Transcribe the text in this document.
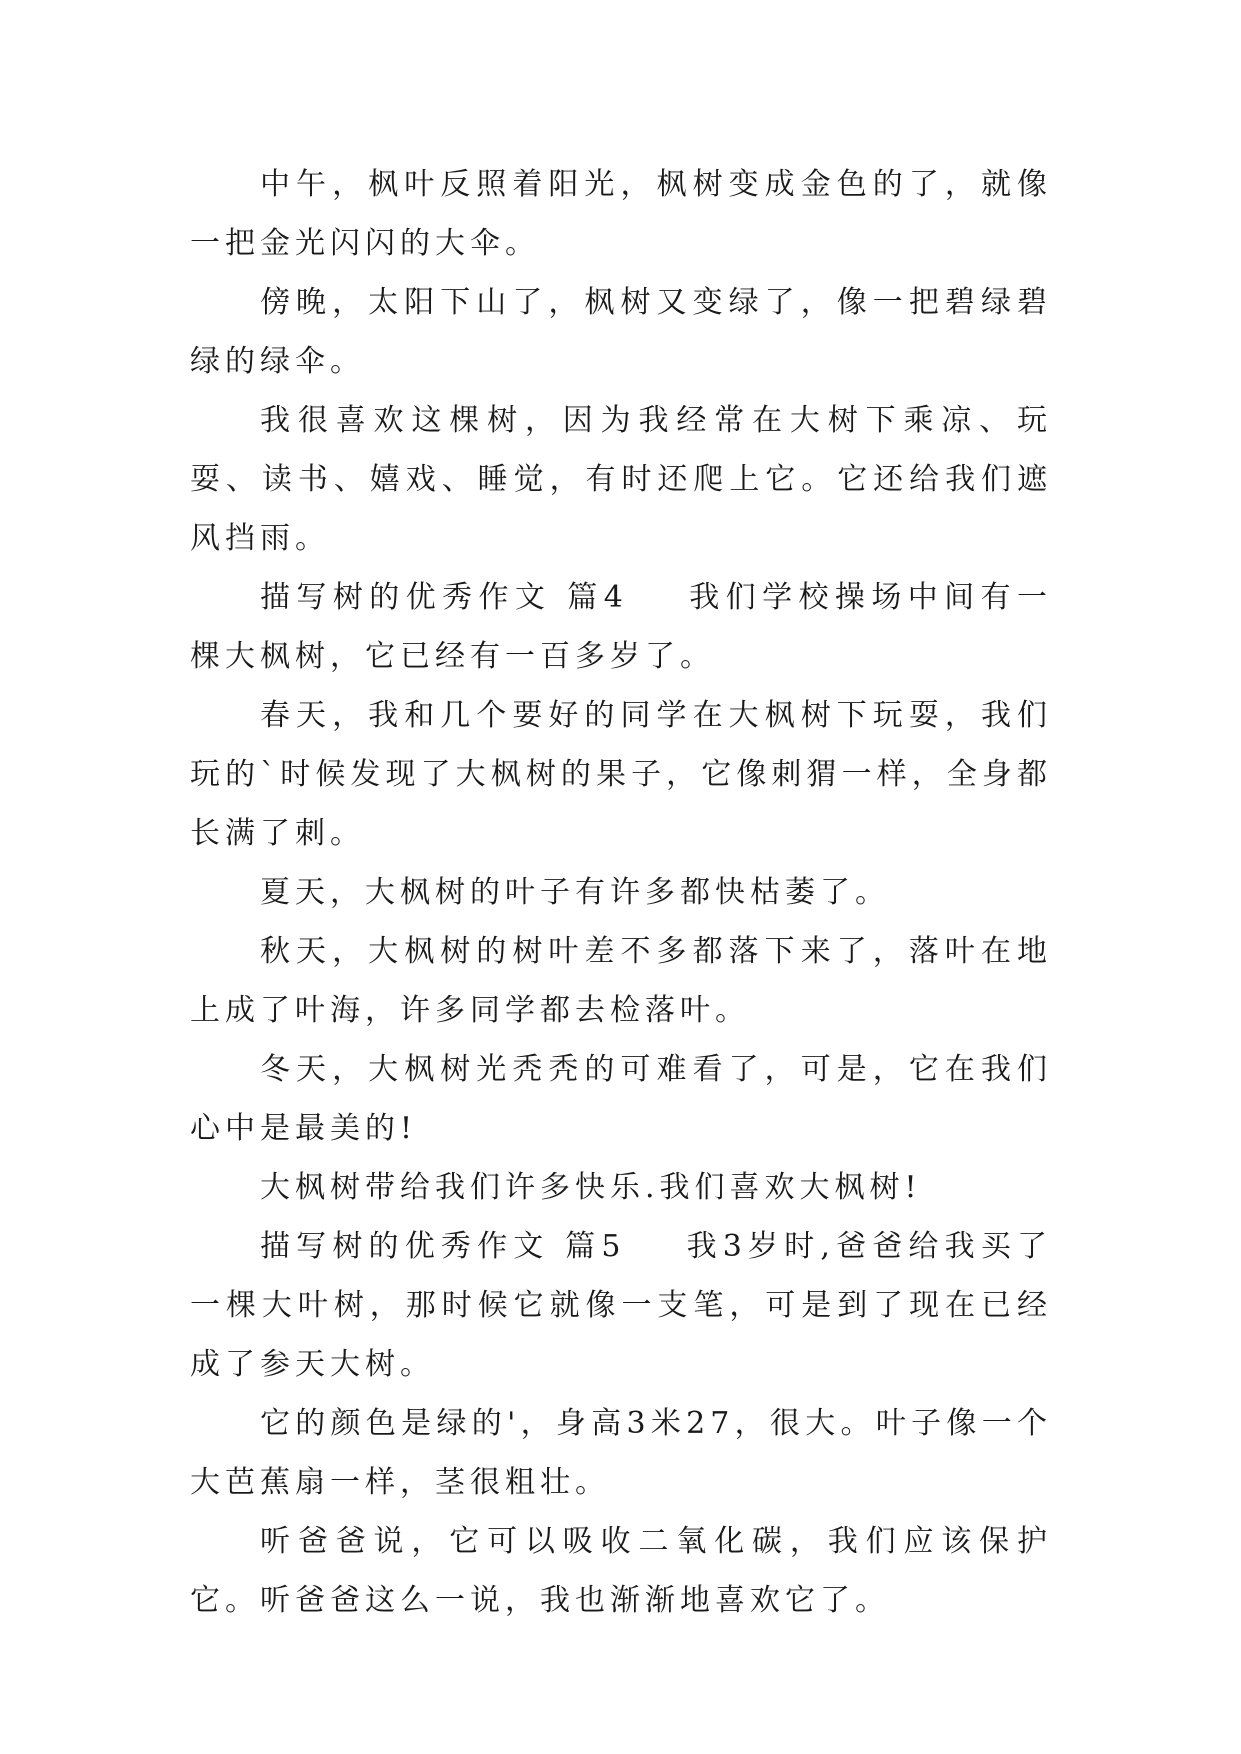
中午，枫叶反照着阳光，枫树变成金色的了，就像一把金光闪闪的大伞。

傍晚，太阳下山了，枫树又变绿了，像一把碧绿碧绿的绿伞。

我很喜欢这棵树，因为我经常在大树下乘凉、玩耍、读书、嬉戏、睡觉，有时还爬上它。它还给我们遮风挡雨。

描写树的优秀作文 篇4 我们学校操场中间有一棵大枫树，它已经有一百多岁了。

春天，我和几个要好的同学在大枫树下玩耍，我们玩的`时候发现了大枫树的果子，它像刺猬一样，全身都长满了刺。

夏天，大枫树的叶子有许多都快枯萎了。

秋天，大枫树的树叶差不多都落下来了，落叶在地上成了叶海，许多同学都去检落叶。

冬天，大枫树光秃秃的可难看了，可是，它在我们心中是最美的!

大枫树带给我们许多快乐.我们喜欢大枫树!

描写树的优秀作文 篇5 我3岁时,爸爸给我买了一棵大叶树，那时候它就像一支笔，可是到了现在已经成了参天大树。

它的颜色是绿的'，身高3米27，很大。叶子像一个大芭蕉扇一样，茎很粗壮。

听爸爸说，它可以吸收二氧化碳，我们应该保护它。听爸爸这么一说，我也渐渐地喜欢它了。
